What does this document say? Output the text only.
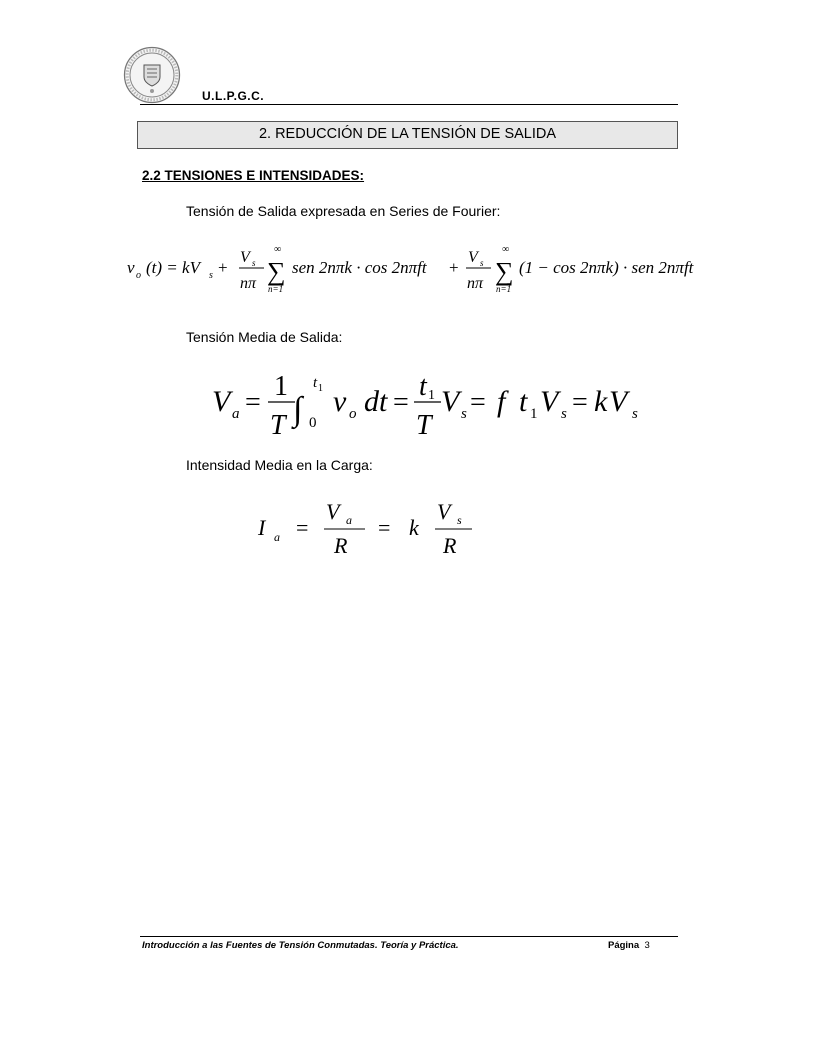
U.L.P.G.C.
2. REDUCCIÓN DE LA TENSIÓN DE SALIDA
2.2 TENSIONES E INTENSIDADES:
Tensión de Salida expresada en Series de Fourier:
Tensión Media de Salida:
Intensidad Media en la Carga:
v o (t) = kV s +
V s
nπ
∞
∑
n=1
sen 2nπk · cos 2nπft +
V s
nπ
∞
∑
n=1
(1 − cos 2nπk) · sen 2nπft
V a =
1
T ∫
t 1
0
v o dt =
t 1
T
V s = f t 1 V s = k V s
I a =
V a
R
= k
V s
R
Introducción a las Fuentes de Tensión Conmutadas. Teoría y Práctica.	Página 3
